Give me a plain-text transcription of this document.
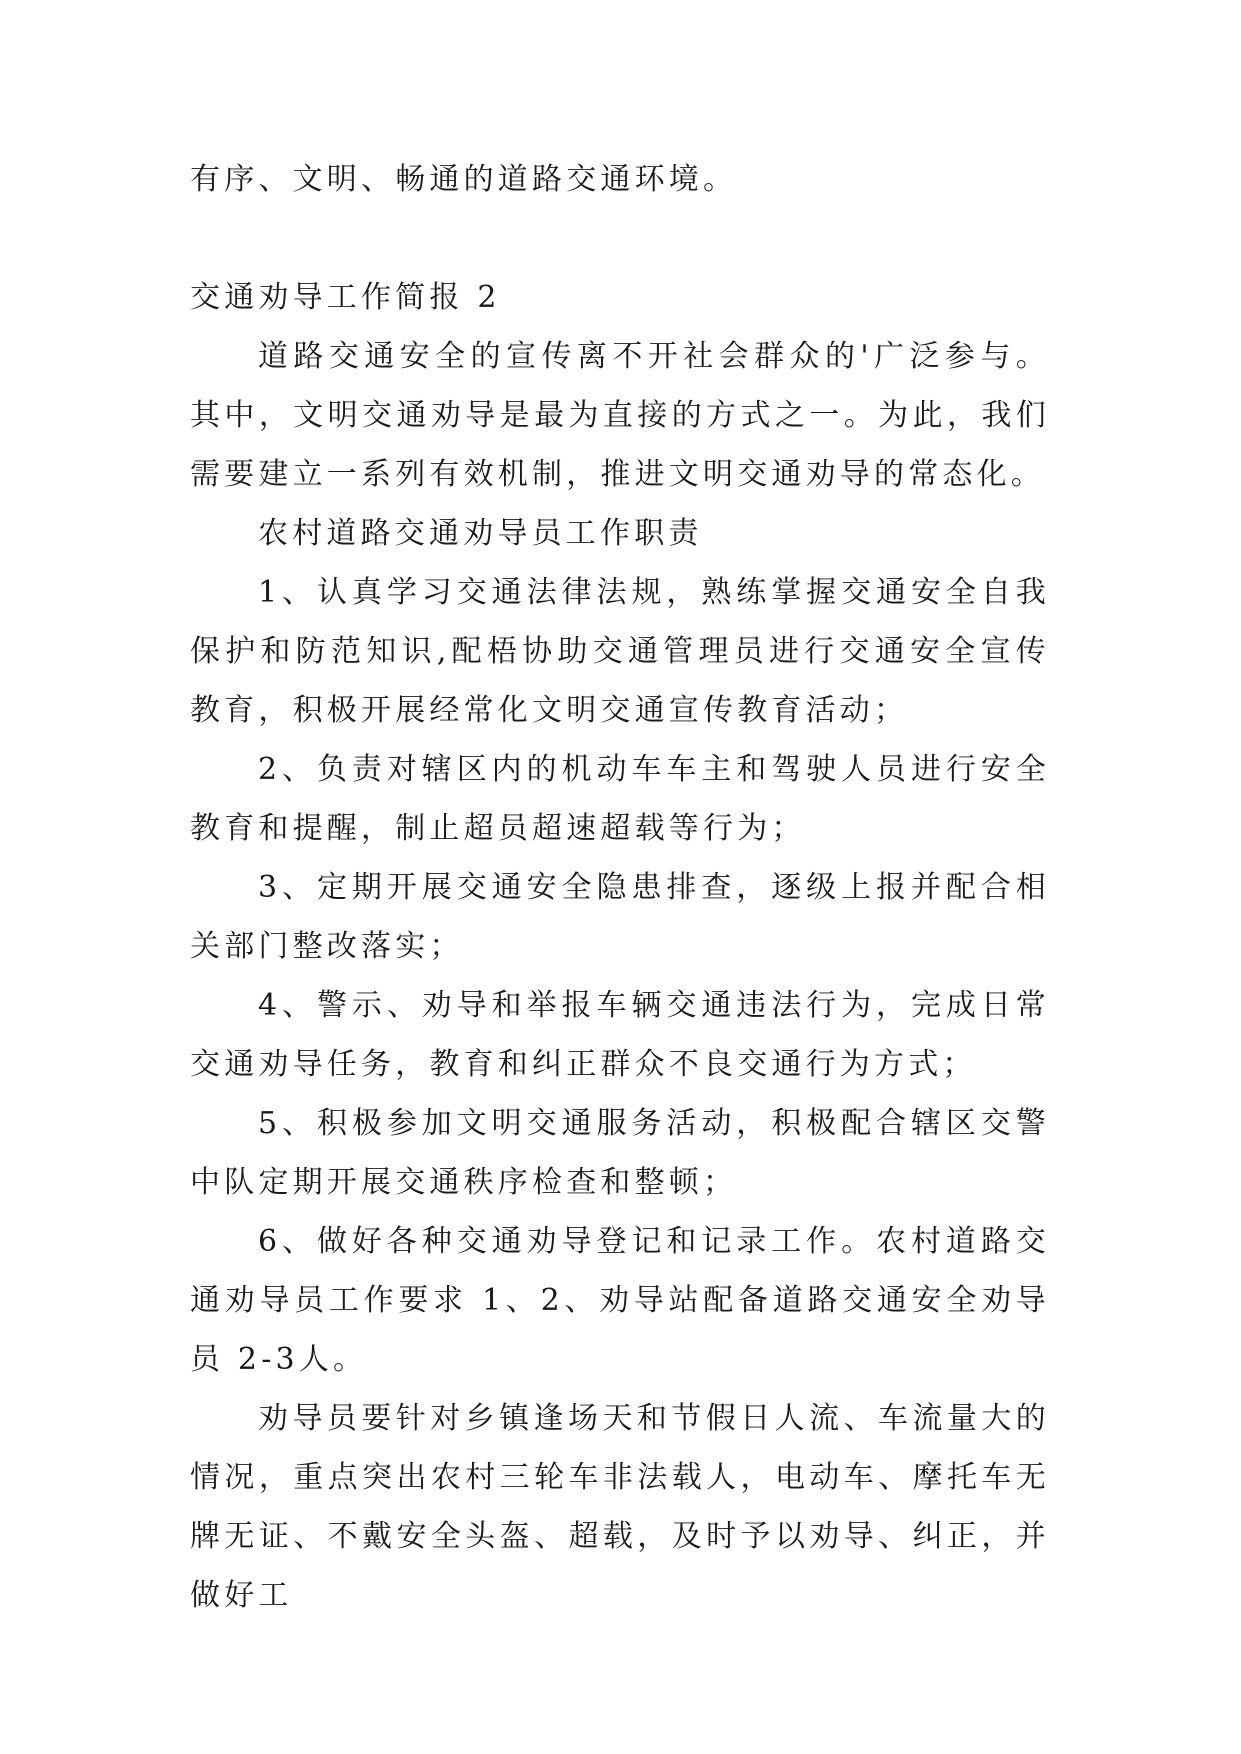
有序、文明、畅通的道路交通环境。

交通劝导工作简报 2

道路交通安全的宣传离不开社会群众的'广泛参与。其中，文明交通劝导是最为直接的方式之一。为此，我们需要建立一系列有效机制，推进文明交通劝导的常态化。

农村道路交通劝导员工作职责

1、认真学习交通法律法规，熟练掌握交通安全自我保护和防范知识,配梧协助交通管理员进行交通安全宣传教育，积极开展经常化文明交通宣传教育活动；

2、负责对辖区内的机动车车主和驾驶人员进行安全教育和提醒，制止超员超速超载等行为；

3、定期开展交通安全隐患排查，逐级上报并配合相关部门整改落实；

4、警示、劝导和举报车辆交通违法行为，完成日常交通劝导任务，教育和纠正群众不良交通行为方式；

5、积极参加文明交通服务活动，积极配合辖区交警中队定期开展交通秩序检查和整顿；

6、做好各种交通劝导登记和记录工作。农村道路交通劝导员工作要求 1、2、劝导站配备道路交通安全劝导员 2-3人。

劝导员要针对乡镇逢场天和节假日人流、车流量大的情况，重点突出农村三轮车非法载人，电动车、摩托车无牌无证、不戴安全头盔、超载，及时予以劝导、纠正，并做好工
